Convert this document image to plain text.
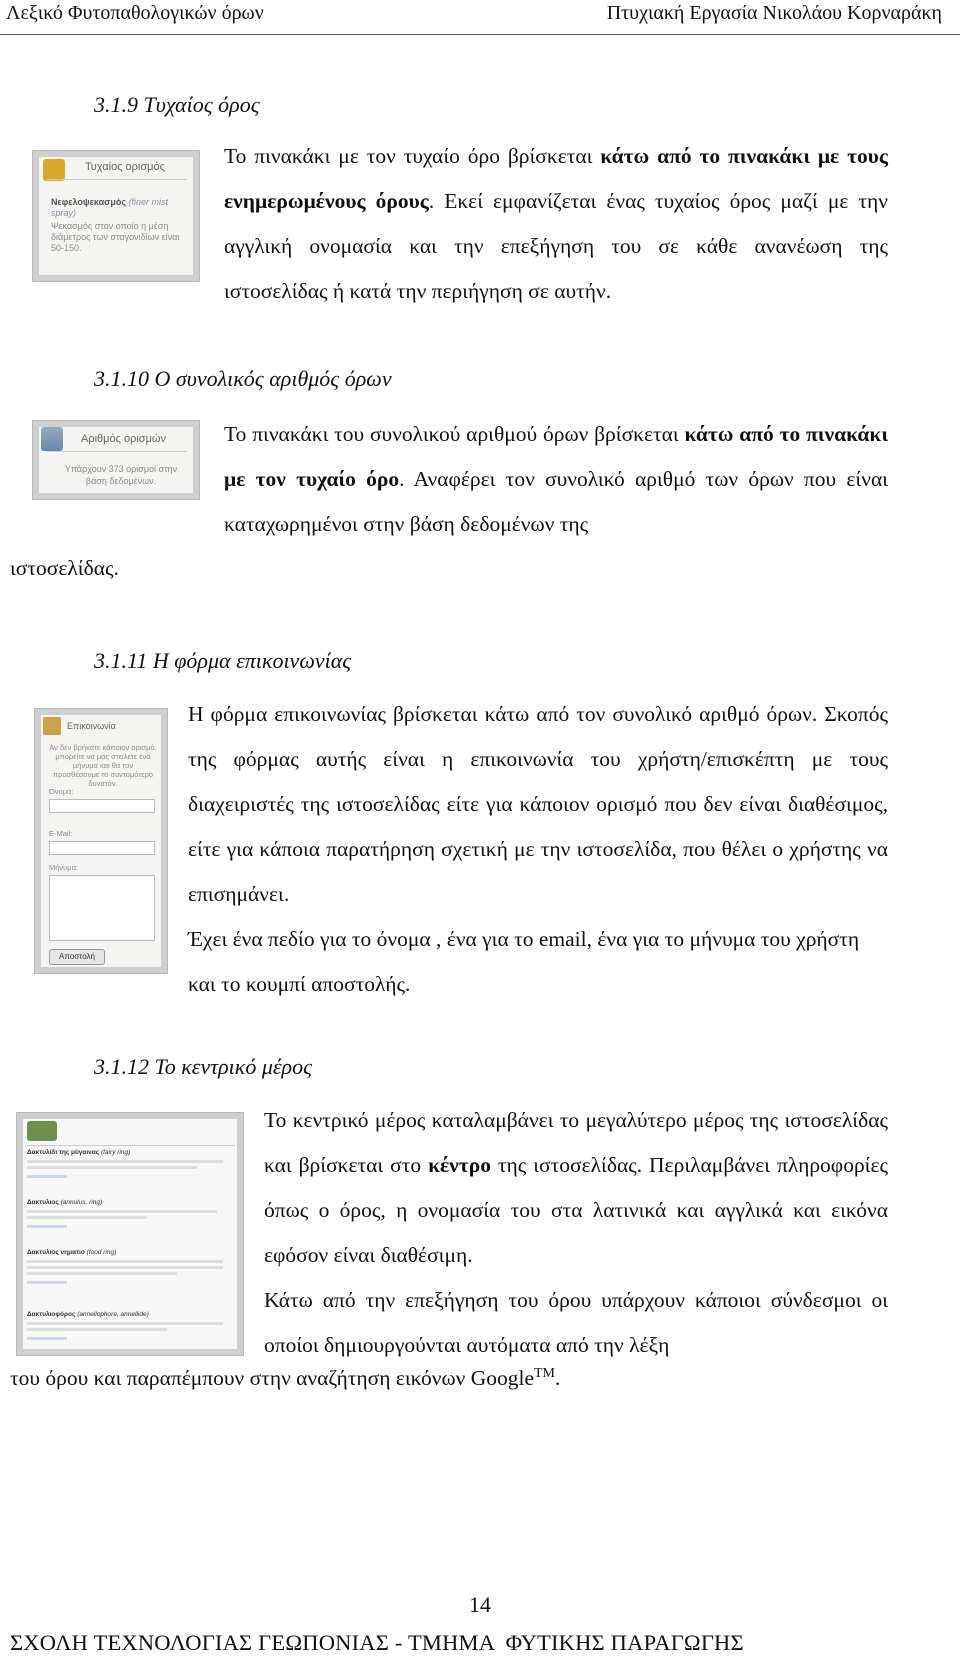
Λεξικό Φυτοπαθολογικών όρων	Πτυχιακή Εργασία Νικολάου Κορναράκη
3.1.9 Τυχαίος όρος
Τυχαίος ορισμός
Νεφελοψεκασμός (finer mist spray)
Ψεκασμός στον οποίο η μέση διάμετρος των σταγονιδίων είναι 50-150.
Το πινακάκι με τον τυχαίο όρο βρίσκεται κάτω από το πινακάκι με τους ενημερωμένους όρους. Εκεί εμφανίζεται ένας τυχαίος όρος μαζί με την αγγλική ονομασία και την επεξήγηση του σε κάθε ανανέωση της ιστοσελίδας ή κατά την περιήγηση σε αυτήν.
3.1.10 Ο συνολικός αριθμός όρων
Αριθμός ορισμών
Υπάρχουν 373 ορισμοί στην βάση δεδομένων.
Το πινακάκι του συνολικού αριθμού όρων βρίσκεται κάτω από το πινακάκι με τον τυχαίο όρο. Αναφέρει τον συνολικό αριθμό των όρων που είναι καταχωρημένοι στην βάση δεδομένων της
ιστοσελίδας.
3.1.11 Η φόρμα επικοινωνίας
Επικοινωνία
Αν δεν βρήκατε κάποιον ορισμό, μπορείτε να μας στείλετε ένα μήνυμα και θα τον προσθέσουμε το συντομότερο δυνατόν.
Όνομα:
E-Mail:
Μήνυμα:
Αποστολή
Η φόρμα επικοινωνίας βρίσκεται κάτω από τον συνολικό αριθμό όρων. Σκοπός της φόρμας αυτής είναι η επικοινωνία του χρήστη/επισκέπτη με τους διαχειριστές της ιστοσελίδας είτε για κάποιον ορισμό που δεν είναι διαθέσιμος, είτε για κάποια παρατήρηση σχετική με την ιστοσελίδα, που θέλει ο χρήστης να επισημάνει.
Έχει ένα πεδίο για το όνομα , ένα για το email, ένα για το μήνυμα του χρήστη και το κουμπί αποστολής.
3.1.12 Το κεντρικό μέρος
Δακτυλίδι της μύγαινας (fairy ring)
Δακτυλιος (annulus, ring)
Δακτυλιος νηματιο (food ring)
Δακτυλιοφόρος (annellophore, annellide)
Το κεντρικό μέρος καταλαμβάνει το μεγαλύτερο μέρος της ιστοσελίδας και βρίσκεται στο κέντρο της ιστοσελίδας. Περιλαμβάνει πληροφορίες όπως ο όρος, η ονομασία του στα λατινικά και αγγλικά και εικόνα εφόσον είναι διαθέσιμη.
Κάτω από την επεξήγηση του όρου υπάρχουν κάποιοι σύνδεσμοι οι οποίοι δημιουργούνται αυτόματα από την λέξη
του όρου και παραπέμπουν στην αναζήτηση εικόνων Google™.
14
ΣΧΟΛΗ ΤΕΧΝΟΛΟΓΙΑΣ ΓΕΩΠΟΝΙΑΣ - ΤΜΗΜΑ  ΦΥΤΙΚΗΣ ΠΑΡΑΓΩΓΗΣ
